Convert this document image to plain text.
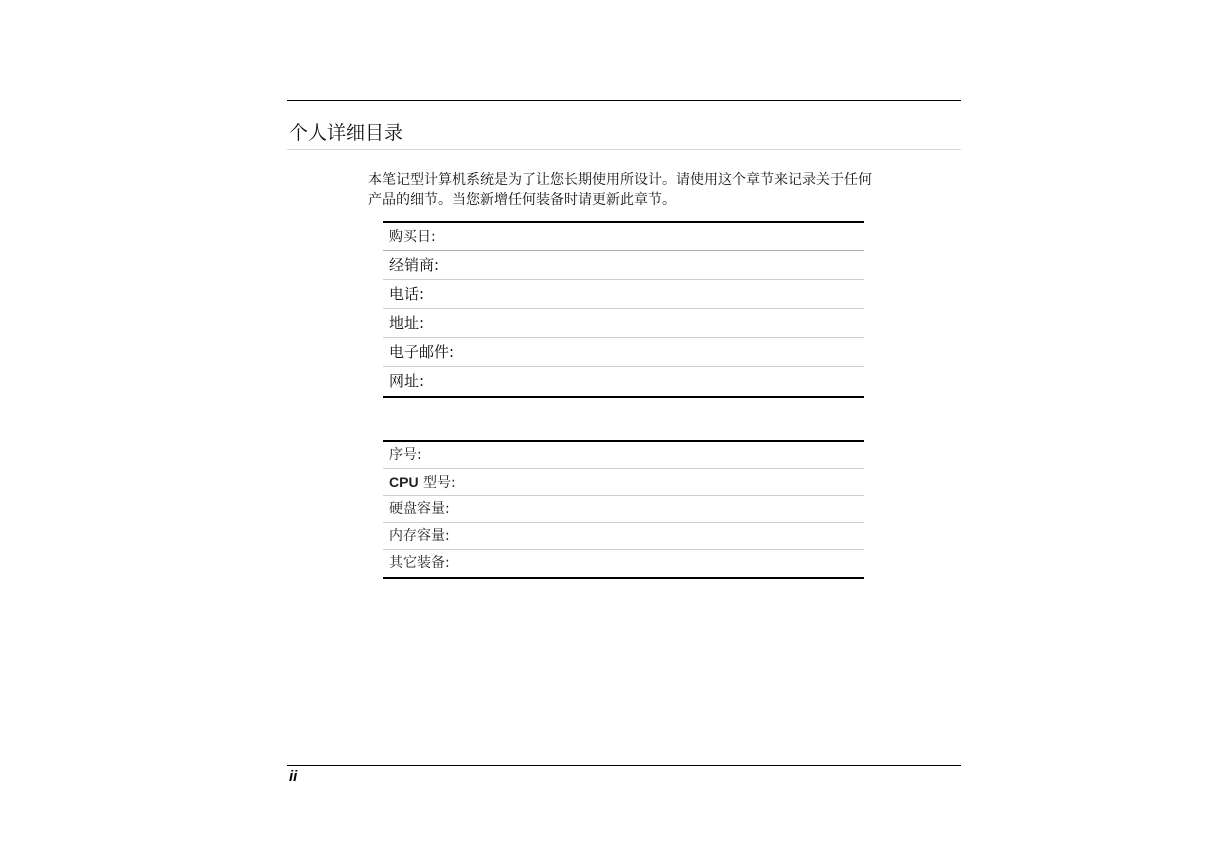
个人详细目录
本笔记型计算机系统是为了让您长期使用所设计。请使用这个章节来记录关于任何
产品的细节。当您新增任何装备时请更新此章节。
购买日:
经销商:
电话:
地址:
电子邮件:
网址:
序号:
CPU 型号:
硬盘容量:
内存容量:
其它装备:
ii
